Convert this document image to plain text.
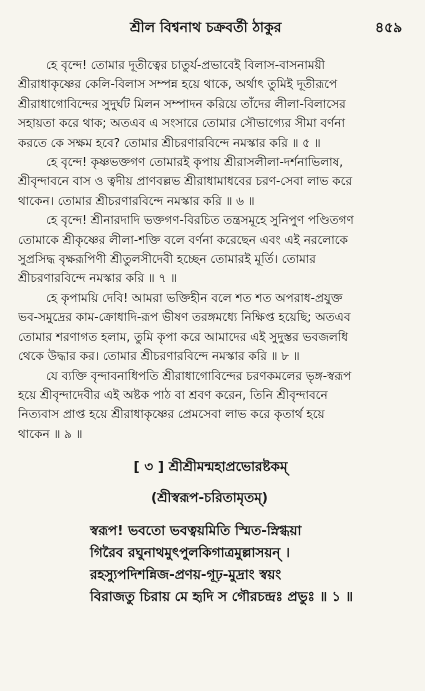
শ্রীল বিশ্বনাথ চক্রবর্তী ঠাকুর	৪৫৯

হে বৃন্দে! তোমার দূতীত্বের চাতুর্য-প্রভাবেই বিলাস-বাসনাময়ী
শ্রীরাধাকৃষ্ণের কেলি-বিলাস সম্পন্ন হয়ে থাকে, অর্থাৎ তুমিই দূতীরূপে
শ্রীরাধাগোবিন্দের সুদুর্ঘট মিলন সম্পাদন করিয়ে তাঁদের লীলা-বিলাসের
সহায়তা করে থাক; অতএব এ সংসারে তোমার সৌভাগ্যের সীমা বর্ণনা
করতে কে সক্ষম হবে? তোমার শ্রীচরণারবিন্দে নমস্কার করি ॥ ৫ ॥

হে বৃন্দে! কৃষ্ণভক্তগণ তোমারই কৃপায় শ্রীরাসলীলা-দর্শনাভিলাষ,
শ্রীবৃন্দাবনে বাস ও ত্বদীয় প্রাণবল্লভ শ্রীরাধামাধবের চরণ-সেবা লাভ করে
থাকেন। তোমার শ্রীচরণারবিন্দে নমস্কার করি ॥ ৬ ॥

হে বৃন্দে! শ্রীনারদাদি ভক্তগণ-বিরচিত তন্ত্রসমূহে সুনিপুণ পণ্ডিতগণ
তোমাকে শ্রীকৃষ্ণের লীলা-শক্তি বলে বর্ণনা করেছেন এবং এই নরলোকে
সুপ্রসিদ্ধ বৃক্ষরূপিণী শ্রীতুলসীদেবী হচ্ছেন তোমারই মূর্তি। তোমার
শ্রীচরণারবিন্দে নমস্কার করি ॥ ৭ ॥

হে কৃপাময়ি দেবি! আমরা ভক্তিহীন বলে শত শত অপরাধ-প্রযুক্ত
ভব-সমুদ্রের কাম-ক্রোধাদি-রূপ ভীষণ তরঙ্গমধ্যে নিক্ষিপ্ত হয়েছি; অতএব
তোমার শরণাগত হলাম, তুমি কৃপা করে আমাদের এই সুদুস্তর ভবজলধি
থেকে উদ্ধার কর। তোমার শ্রীচরণারবিন্দে নমস্কার করি ॥ ৮ ॥

যে ব্যক্তি বৃন্দাবনাধিপতি শ্রীরাধাগোবিন্দের চরণকমলের ভৃঙ্গ-স্বরূপ
হয়ে শ্রীবৃন্দাদেবীর এই অষ্টক পাঠ বা শ্রবণ করেন, তিনি শ্রীবৃন্দাবনে
নিত্যবাস প্রাপ্ত হয়ে শ্রীরাধাকৃষ্ণের প্রেমসেবা লাভ করে কৃতার্থ হয়ে
থাকেন ॥ ৯ ॥

[ ৩ ] শ্রীশ্রীমন্মহাপ্রভোরষ্টকম্
(শ্রীস্বরূপ-চরিতামৃতম্)
স্বরূপ! ভবতো ভবত্বয়মিতি স্মিত-স্নিগ্ধয়া
গিরৈব রঘুনাথমুৎপুলকিগাত্রমুল্লাসয়ন্ ।
রহস্যুপদিশন্নিজ-প্রণয়-গূঢ়-মুদ্রাং স্বয়ং
বিরাজতু চিরায় মে হৃদি স গৌরচন্দ্রঃ প্রভুঃ ॥ ১ ॥
